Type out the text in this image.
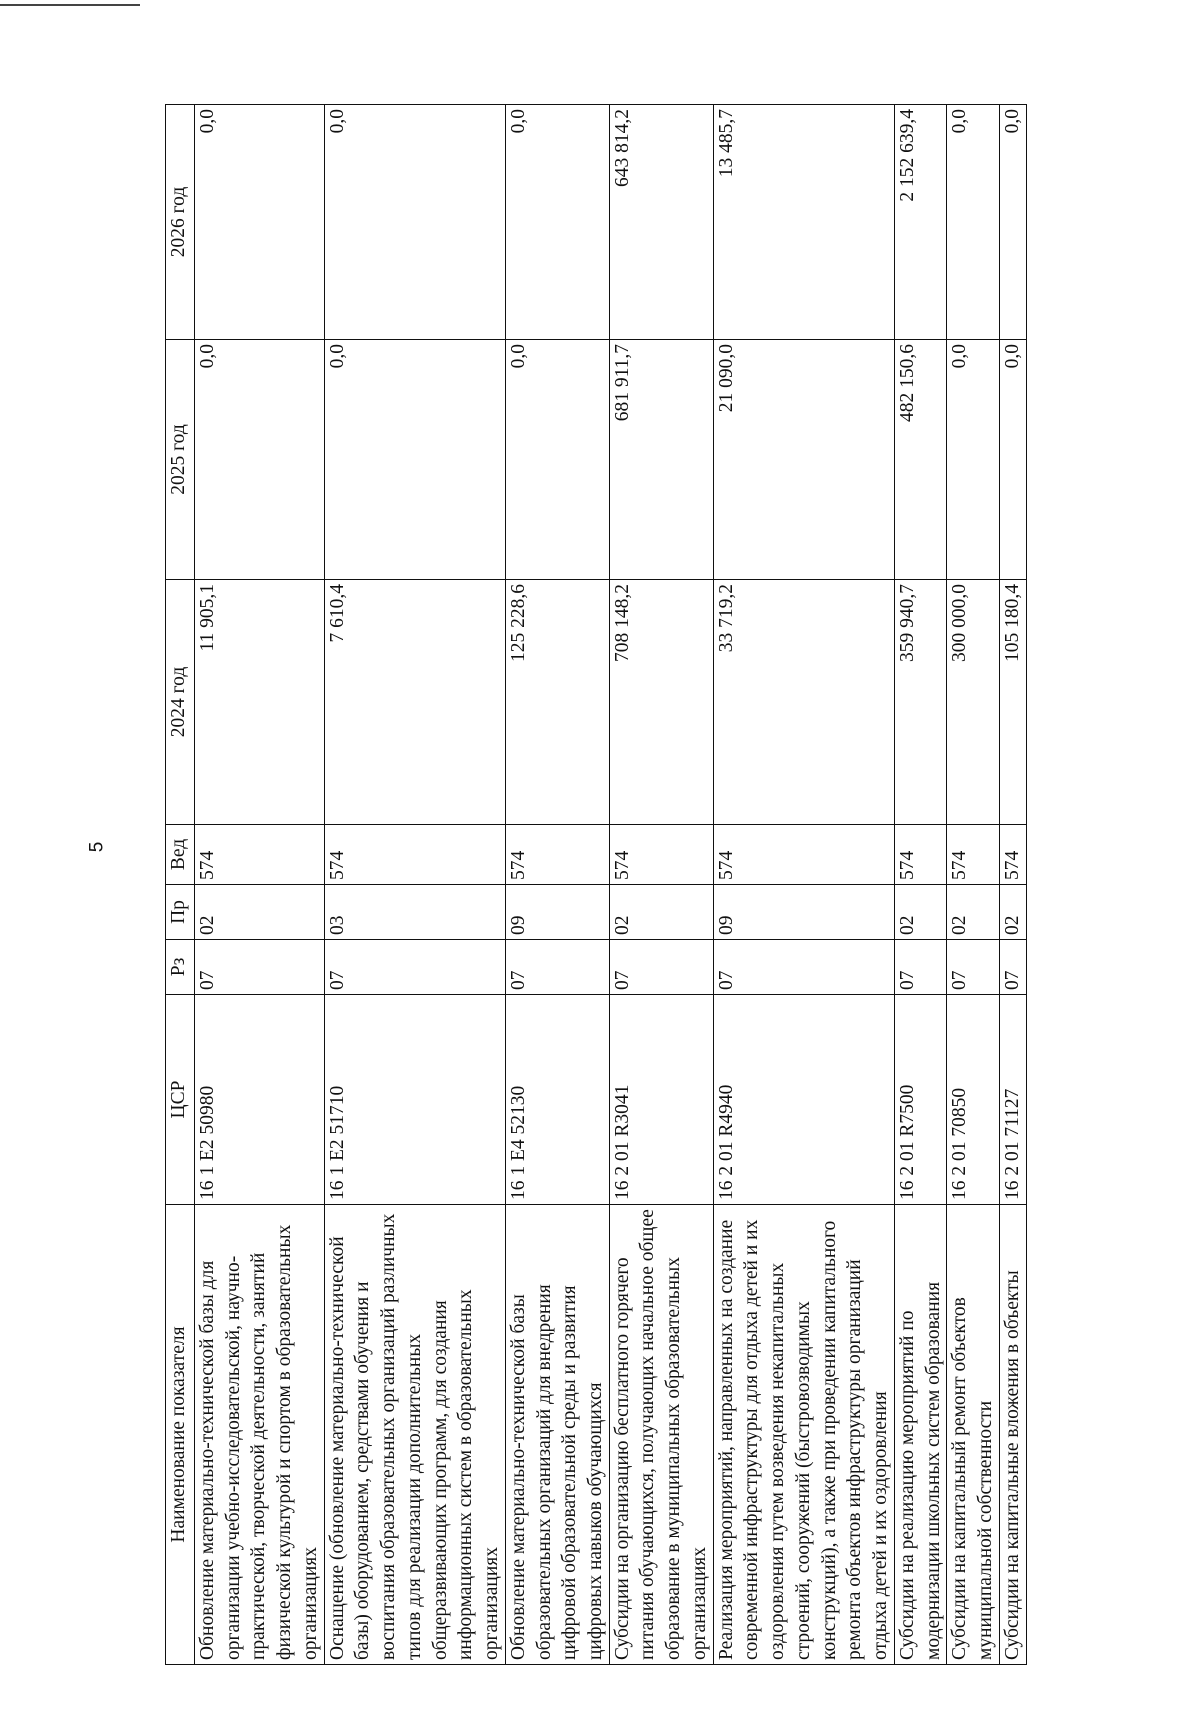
5
Наименование показателя	ЦСР	Рз	Пр	Вед	2024 год	2025 год	2026 год
Обновление материально-технической базы для организации учебно-исследовательской, научно-практической, творческой деятельности, занятий физической культурой и спортом в образовательных организациях	16 1 Е2 50980	07	02	574	11 905,1	0,0	0,0
Оснащение (обновление материально-технической базы) оборудованием, средствами обучения и воспитания образовательных организаций различных типов для реализации дополнительных общеразвивающих программ, для создания информационных систем в образовательных организациях	16 1 Е2 51710	07	03	574	7 610,4	0,0	0,0
Обновление материально-технической базы образовательных организаций для внедрения цифровой образовательной среды и развития цифровых навыков обучающихся	16 1 Е4 52130	07	09	574	125 228,6	0,0	0,0
Субсидии на организацию бесплатного горячего питания обучающихся, получающих начальное общее образование в муниципальных образовательных организациях	16 2 01 R3041	07	02	574	708 148,2	681 911,7	643 814,2
Реализация мероприятий, направленных на создание современной инфраструктуры для отдыха детей и их оздоровления путем возведения некапитальных строений, сооружений (быстровозводимых конструкций), а также при проведении капитального ремонта объектов инфраструктуры организаций отдыха детей и их оздоровления	16 2 01 R4940	07	09	574	33 719,2	21 090,0	13 485,7
Субсидии на реализацию мероприятий по модернизации школьных систем образования	16 2 01 R7500	07	02	574	359 940,7	482 150,6	2 152 639,4
Субсидии на капитальный ремонт объектов муниципальной собственности	16 2 01 70850	07	02	574	300 000,0	0,0	0,0
Субсидии на капитальные вложения в объекты	16 2 01 71127	07	02	574	105 180,4	0,0	0,0
